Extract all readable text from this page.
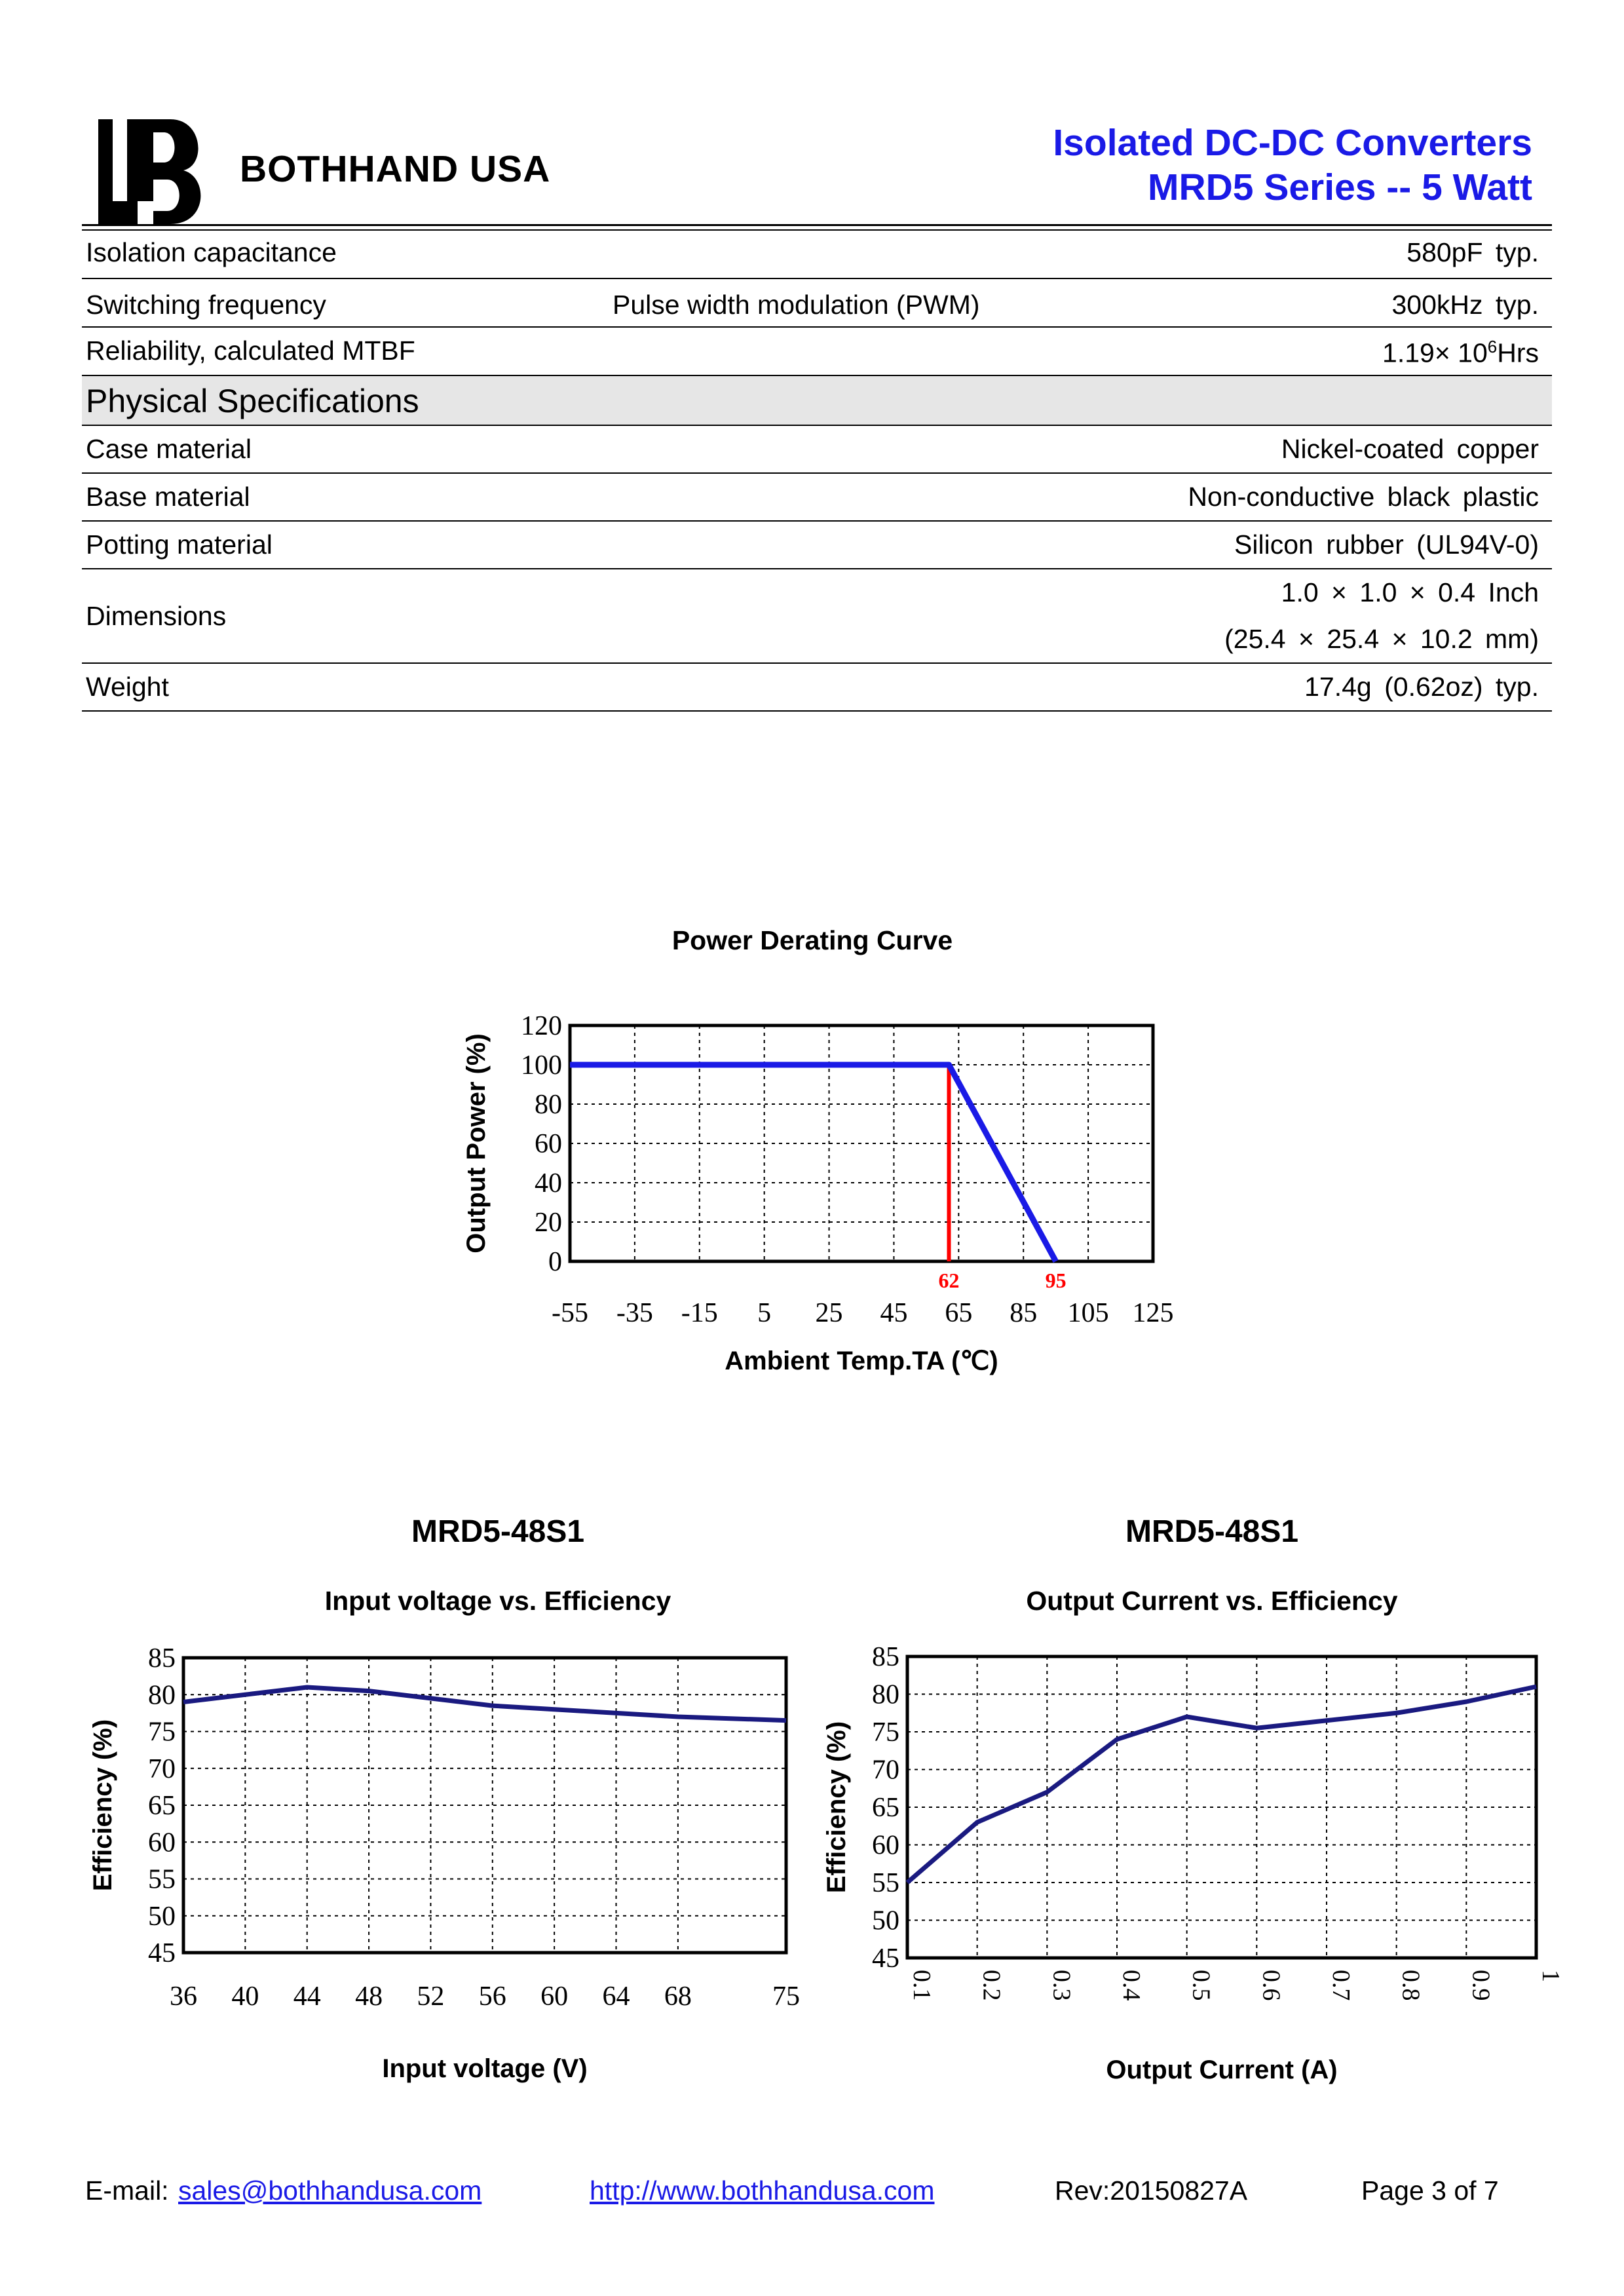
BOTHHAND USA
Isolated DC-DC Converters
MRD5 Series -- 5 Watt
Isolation capacitance	580pF typ.
Switching frequency	Pulse width modulation (PWM)	300kHz typ.
Reliability, calculated MTBF	$1.19\times 10^6Hrs$
Physical Specifications
Case material	Nickel-coated copper
Base material	Non-conductive black plastic
Potting material	Silicon rubber (UL94V-0)
Dimensions
1.0 × 1.0 × 0.4 Inch
(25.4 × 25.4 × 10.2 mm)
Weight	17.4g (0.62oz) typ.
Power Derating Curve
-55 -35 -15 5 25 45 65 85 105 125
0
20
40
60
80
100
120
Ambient Temp.TA (℃)
Output Power (%)
62	95
MRD5-48S1
Input voltage vs. Efficiency
36 40 44 48 52 56 60 64 68	75
45
50
55
60
65
70
75
80
85
Input voltage (V)
Efficiency (%)
MRD5-48S1
Output Current vs. Efficiency
0.1 0.2 0.3 0.4 0.5 0.6 0.7 0.8 0.9 1
45
50
55
60
65
70
75
80
85
Output Current (A)
Efficiency (%)
E-mail: sales@bothhandusa.com	http://www.bothhandusa.com	Rev:20150827A	Page 3 of 7
